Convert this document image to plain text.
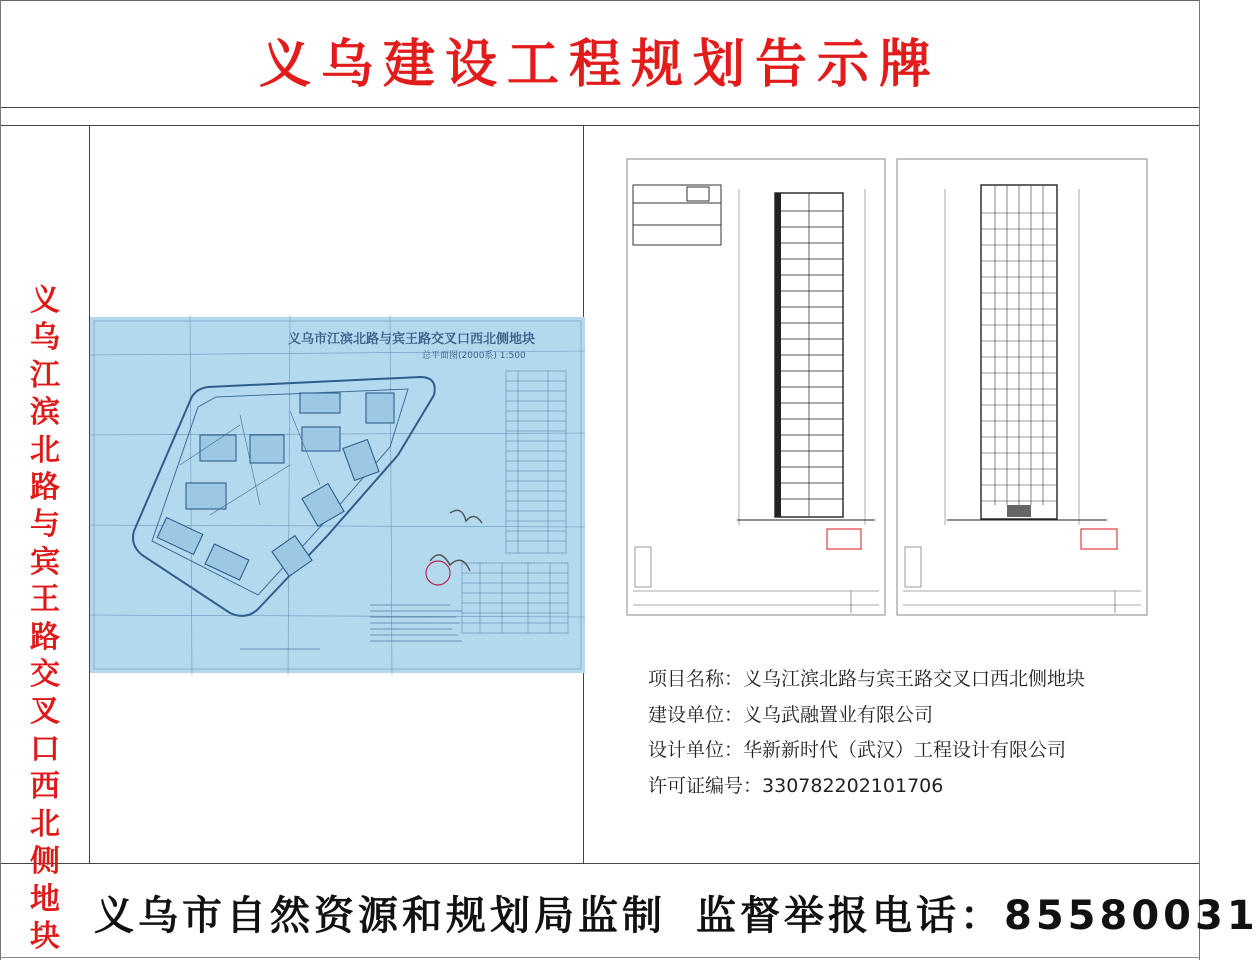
义乌建设工程规划告示牌
义乌江滨北路与宾王路交叉口西北侧地块
义乌市江滨北路与宾王路交叉口西北侧地块
总平面图(2000系) 1:500
项目名称：义乌江滨北路与宾王路交叉口西北侧地块
建设单位：义乌武融置业有限公司
设计单位：华新新时代（武汉）工程设计有限公司
许可证编号：330782202101706
义乌市自然资源和规划局监制 监督举报电话：85580031
